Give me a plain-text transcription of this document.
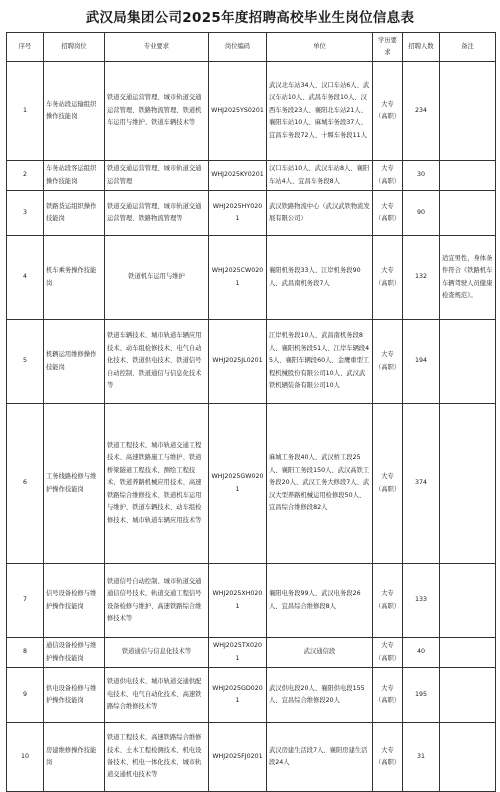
武汉局集团公司2025年度招聘高校毕业生岗位信息表
序号	招聘岗位	专业要求	岗位编码	单位	学历要求	招聘人数	备注
1	车务站段运输组织操作技能岗	铁道交通运营管理、城市轨道交通运营管理、铁路物流管理、铁道机车运用与维护、铁道车辆技术等	WHJ2025YS0201	武汉北车站34人、汉口车站6人、武汉车站10人、武昌车务段10人、汉西车务段23人、襄阳北车站21人、襄阳车站10人、麻城车务段37人、宜昌车务段72人、十堰车务段11人	大专（高职）	234	
2	车务站段客运组织操作技能岗	铁道交通运营管理、城市轨道交通运营管理	WHJ2025KY0201	汉口车站10人、武汉车站8人、襄阳车站4人、宜昌车务段8人	大专（高职）	30	
3	铁路货运组织操作技能岗	铁道交通运营管理、城市轨道交通运营管理、铁路物流管理等	WHJ2025HY0201	武汉铁路物流中心（武汉武铁物流发展有限公司）	大专（高职）	90	
4	机车乘务操作技能岗	铁道机车运用与维护	WHJ2025CW0201	襄阳机务段33人、江岸机务段90人、武昌南机务段7人	大专（高职）	132	适宜男性，身体条件符合《铁路机车车辆驾驶人员健康检查规范》。
5	机辆运用维修操作技能岗	铁道车辆技术、城市轨道车辆应用技术、动车组检修技术、电气自动化技术、铁道供电技术、铁道信号自动控制、铁道通信与信息化技术等	WHJ2025JL0201	江岸机务段10人、武昌南机务段8人、襄阳机务段51人、江岸车辆段45人、襄阳车辆段60人、金鹰重型工程机械股份有限公司10人、武汉武铁机辆装备有限公司10人	大专（高职）	194	
6	工务线路检修与维护操作技能岗	铁道工程技术、城市轨道交通工程技术、高速铁路施工与维护、铁道桥梁隧道工程技术、测绘工程技术、铁道养路机械应用技术、高速铁路综合维修技术、铁道机车运用与维护、铁道车辆技术、动车组检修技术、城市轨道车辆应用技术等	WHJ2025GW0201	麻城工务段40人、武汉桥工段25人、襄阳工务段150人、武汉高铁工务段20人、武汉工务大修段7人、武汉大型养路机械运用检修段50人、宜昌综合维修段82人	大专（高职）	374	
7	信号设备检修与维护操作技能岗	铁道信号自动控制、城市轨道交通通信信号技术、轨道交通工程信号设备检修与维护、高速铁路综合维修技术等	WHJ2025XH0201	襄阳电务段99人、武汉电务段26人、宜昌综合维修段8人	大专（高职）	133	
8	通信设备检修与维护操作技能岗	铁道通信与信息化技术等	WHJ2025TX0201	武汉通信段	大专（高职）	40	
9	供电设备检修与维护操作技能岗	铁道供电技术、城市轨道交通供配电技术、电气自动化技术、高速铁路综合维修技术等	WHJ2025GD0201	武汉供电段20人、襄阳供电段155人、宜昌综合维修段20人	大专（高职）	195	
10	房建维修操作技能岗	铁道工程技术、高速铁路综合维修技术、土木工程检测技术、机电设备技术、机电一体化技术、城市轨道交通机电技术等	WHJ2025FJ0201	武汉房建生活段7人、襄阳房建生活段24人	大专（高职）	31	
